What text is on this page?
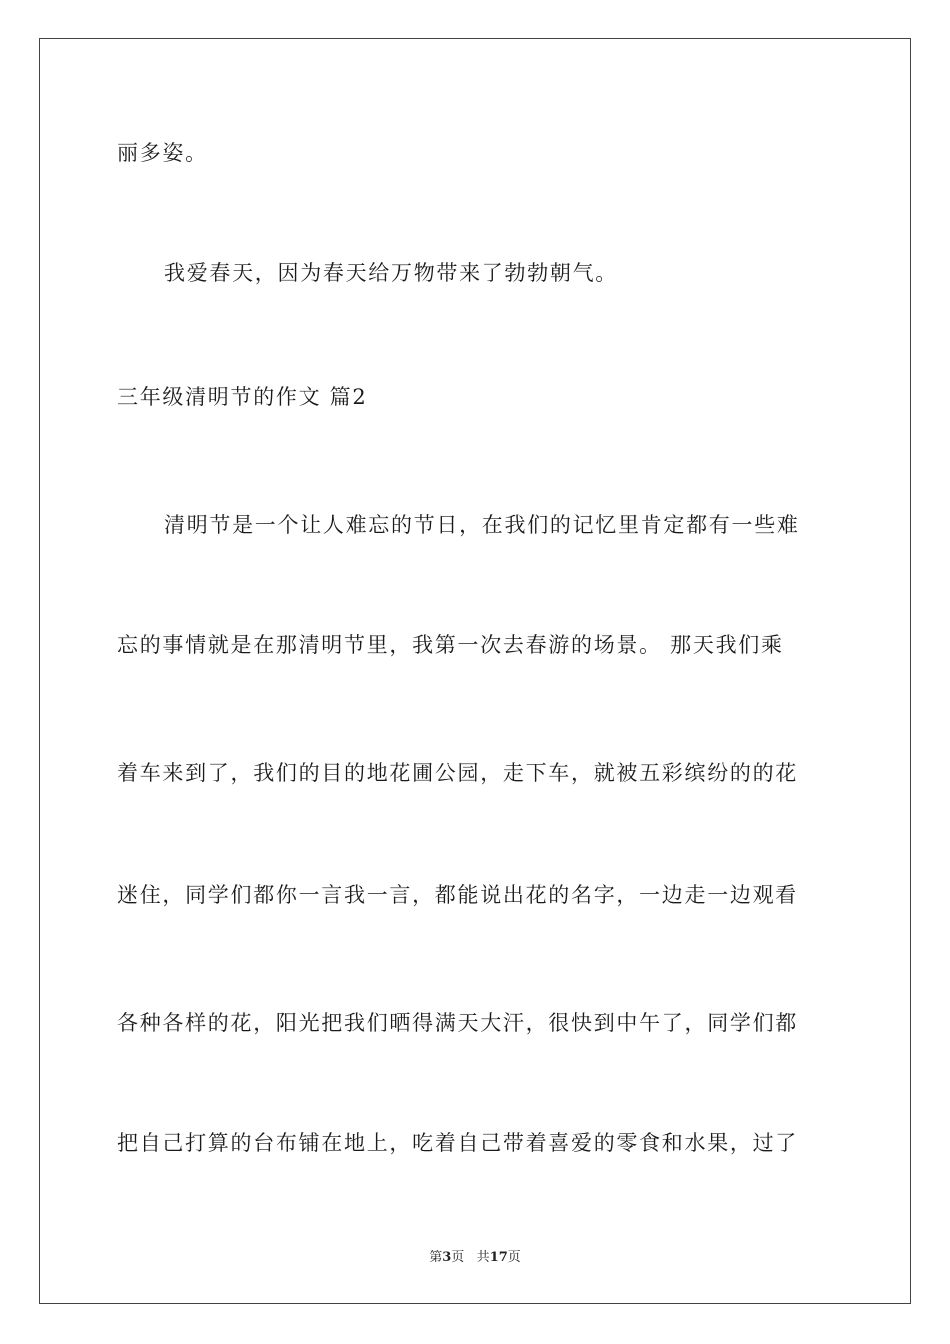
丽多姿。
我爱春天，因为春天给万物带来了勃勃朝气。
三年级清明节的作文 篇2
清明节是一个让人难忘的节日，在我们的记忆里肯定都有一些难
忘的事情就是在那清明节里，我第一次去春游的场景。 那天我们乘
着车来到了，我们的目的地花圃公园，走下车，就被五彩缤纷的的花
迷住，同学们都你一言我一言，都能说出花的名字，一边走一边观看
各种各样的花，阳光把我们晒得满天大汗，很快到中午了，同学们都
把自己打算的台布铺在地上，吃着自己带着喜爱的零食和水果，过了
第3页 共17页
